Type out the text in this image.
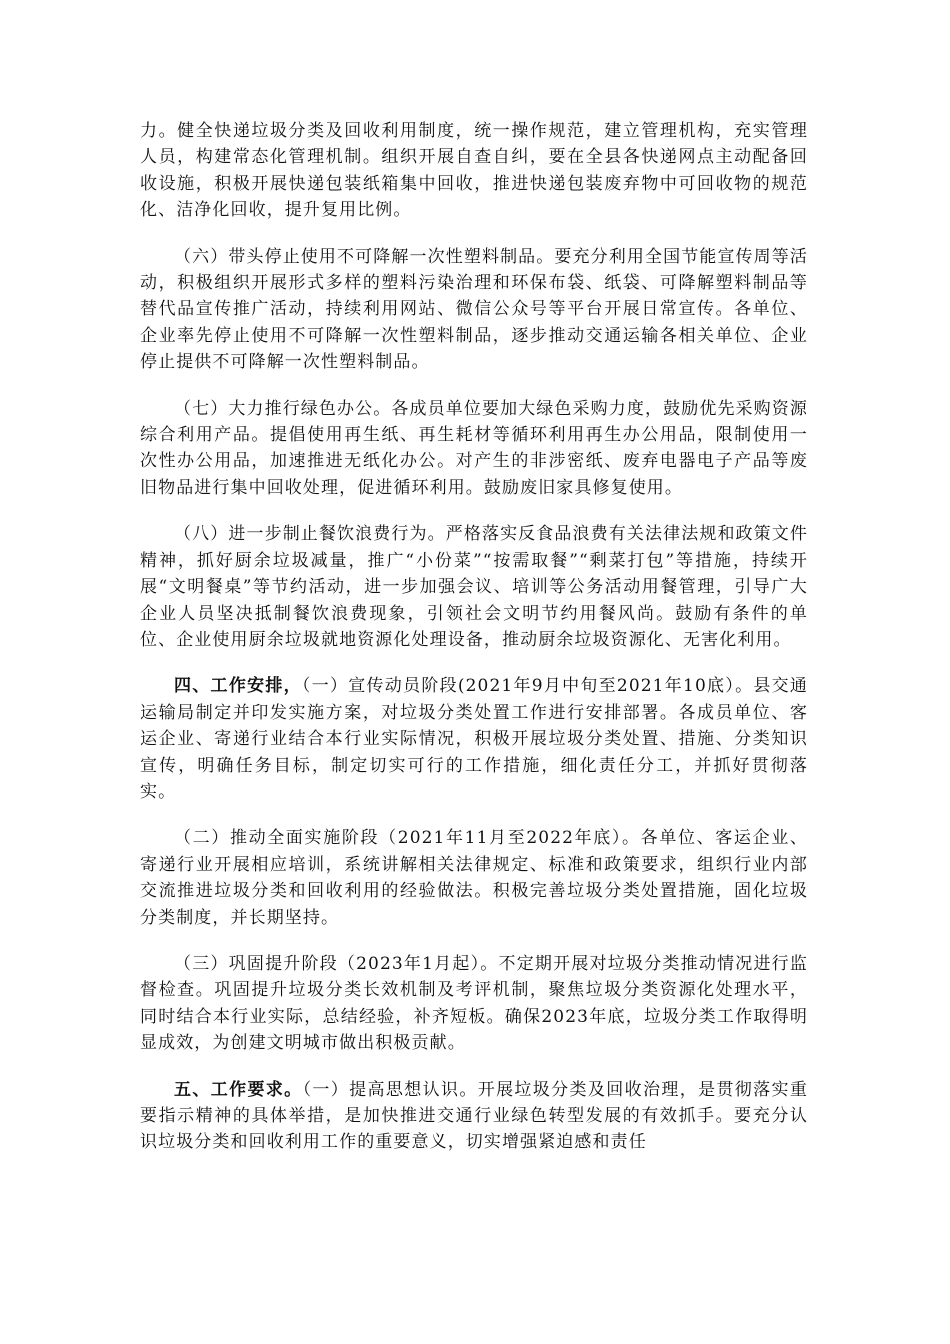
力。健全快递垃圾分类及回收利用制度，统一操作规范，建立管理机构，充实管理人员，构建常态化管理机制。组织开展自查自纠，要在全县各快递网点主动配备回收设施，积极开展快递包装纸箱集中回收，推进快递包装废弃物中可回收物的规范化、洁净化回收，提升复用比例。

（六）带头停止使用不可降解一次性塑料制品。要充分利用全国节能宣传周等活动，积极组织开展形式多样的塑料污染治理和环保布袋、纸袋、可降解塑料制品等替代品宣传推广活动，持续利用网站、微信公众号等平台开展日常宣传。各单位、企业率先停止使用不可降解一次性塑料制品，逐步推动交通运输各相关单位、企业停止提供不可降解一次性塑料制品。

（七）大力推行绿色办公。各成员单位要加大绿色采购力度，鼓励优先采购资源综合利用产品。提倡使用再生纸、再生耗材等循环利用再生办公用品，限制使用一次性办公用品，加速推进无纸化办公。对产生的非涉密纸、废弃电器电子产品等废旧物品进行集中回收处理，促进循环利用。鼓励废旧家具修复使用。

（八）进一步制止餐饮浪费行为。严格落实反食品浪费有关法律法规和政策文件精神，抓好厨余垃圾减量，推广“小份菜”“按需取餐”“剩菜打包”等措施，持续开展“文明餐桌”等节约活动，进一步加强会议、培训等公务活动用餐管理，引导广大企业人员坚决抵制餐饮浪费现象，引领社会文明节约用餐风尚。鼓励有条件的单位、企业使用厨余垃圾就地资源化处理设备，推动厨余垃圾资源化、无害化利用。

四、工作安排，（一）宣传动员阶段(2021年9月中旬至2021年10底）。县交通运输局制定并印发实施方案，对垃圾分类处置工作进行安排部署。各成员单位、客运企业、寄递行业结合本行业实际情况，积极开展垃圾分类处置、措施、分类知识宣传，明确任务目标，制定切实可行的工作措施，细化责任分工，并抓好贯彻落实。

（二）推动全面实施阶段（2021年11月至2022年底）。各单位、客运企业、寄递行业开展相应培训，系统讲解相关法律规定、标准和政策要求，组织行业内部交流推进垃圾分类和回收利用的经验做法。积极完善垃圾分类处置措施，固化垃圾分类制度，并长期坚持。

（三）巩固提升阶段（2023年1月起）。不定期开展对垃圾分类推动情况进行监督检查。巩固提升垃圾分类长效机制及考评机制，聚焦垃圾分类资源化处理水平，同时结合本行业实际，总结经验，补齐短板。确保2023年底，垃圾分类工作取得明显成效，为创建文明城市做出积极贡献。

五、工作要求。（一）提高思想认识。开展垃圾分类及回收治理，是贯彻落实重要指示精神的具体举措，是加快推进交通行业绿色转型发展的有效抓手。要充分认识垃圾分类和回收利用工作的重要意义，切实增强紧迫感和责任
